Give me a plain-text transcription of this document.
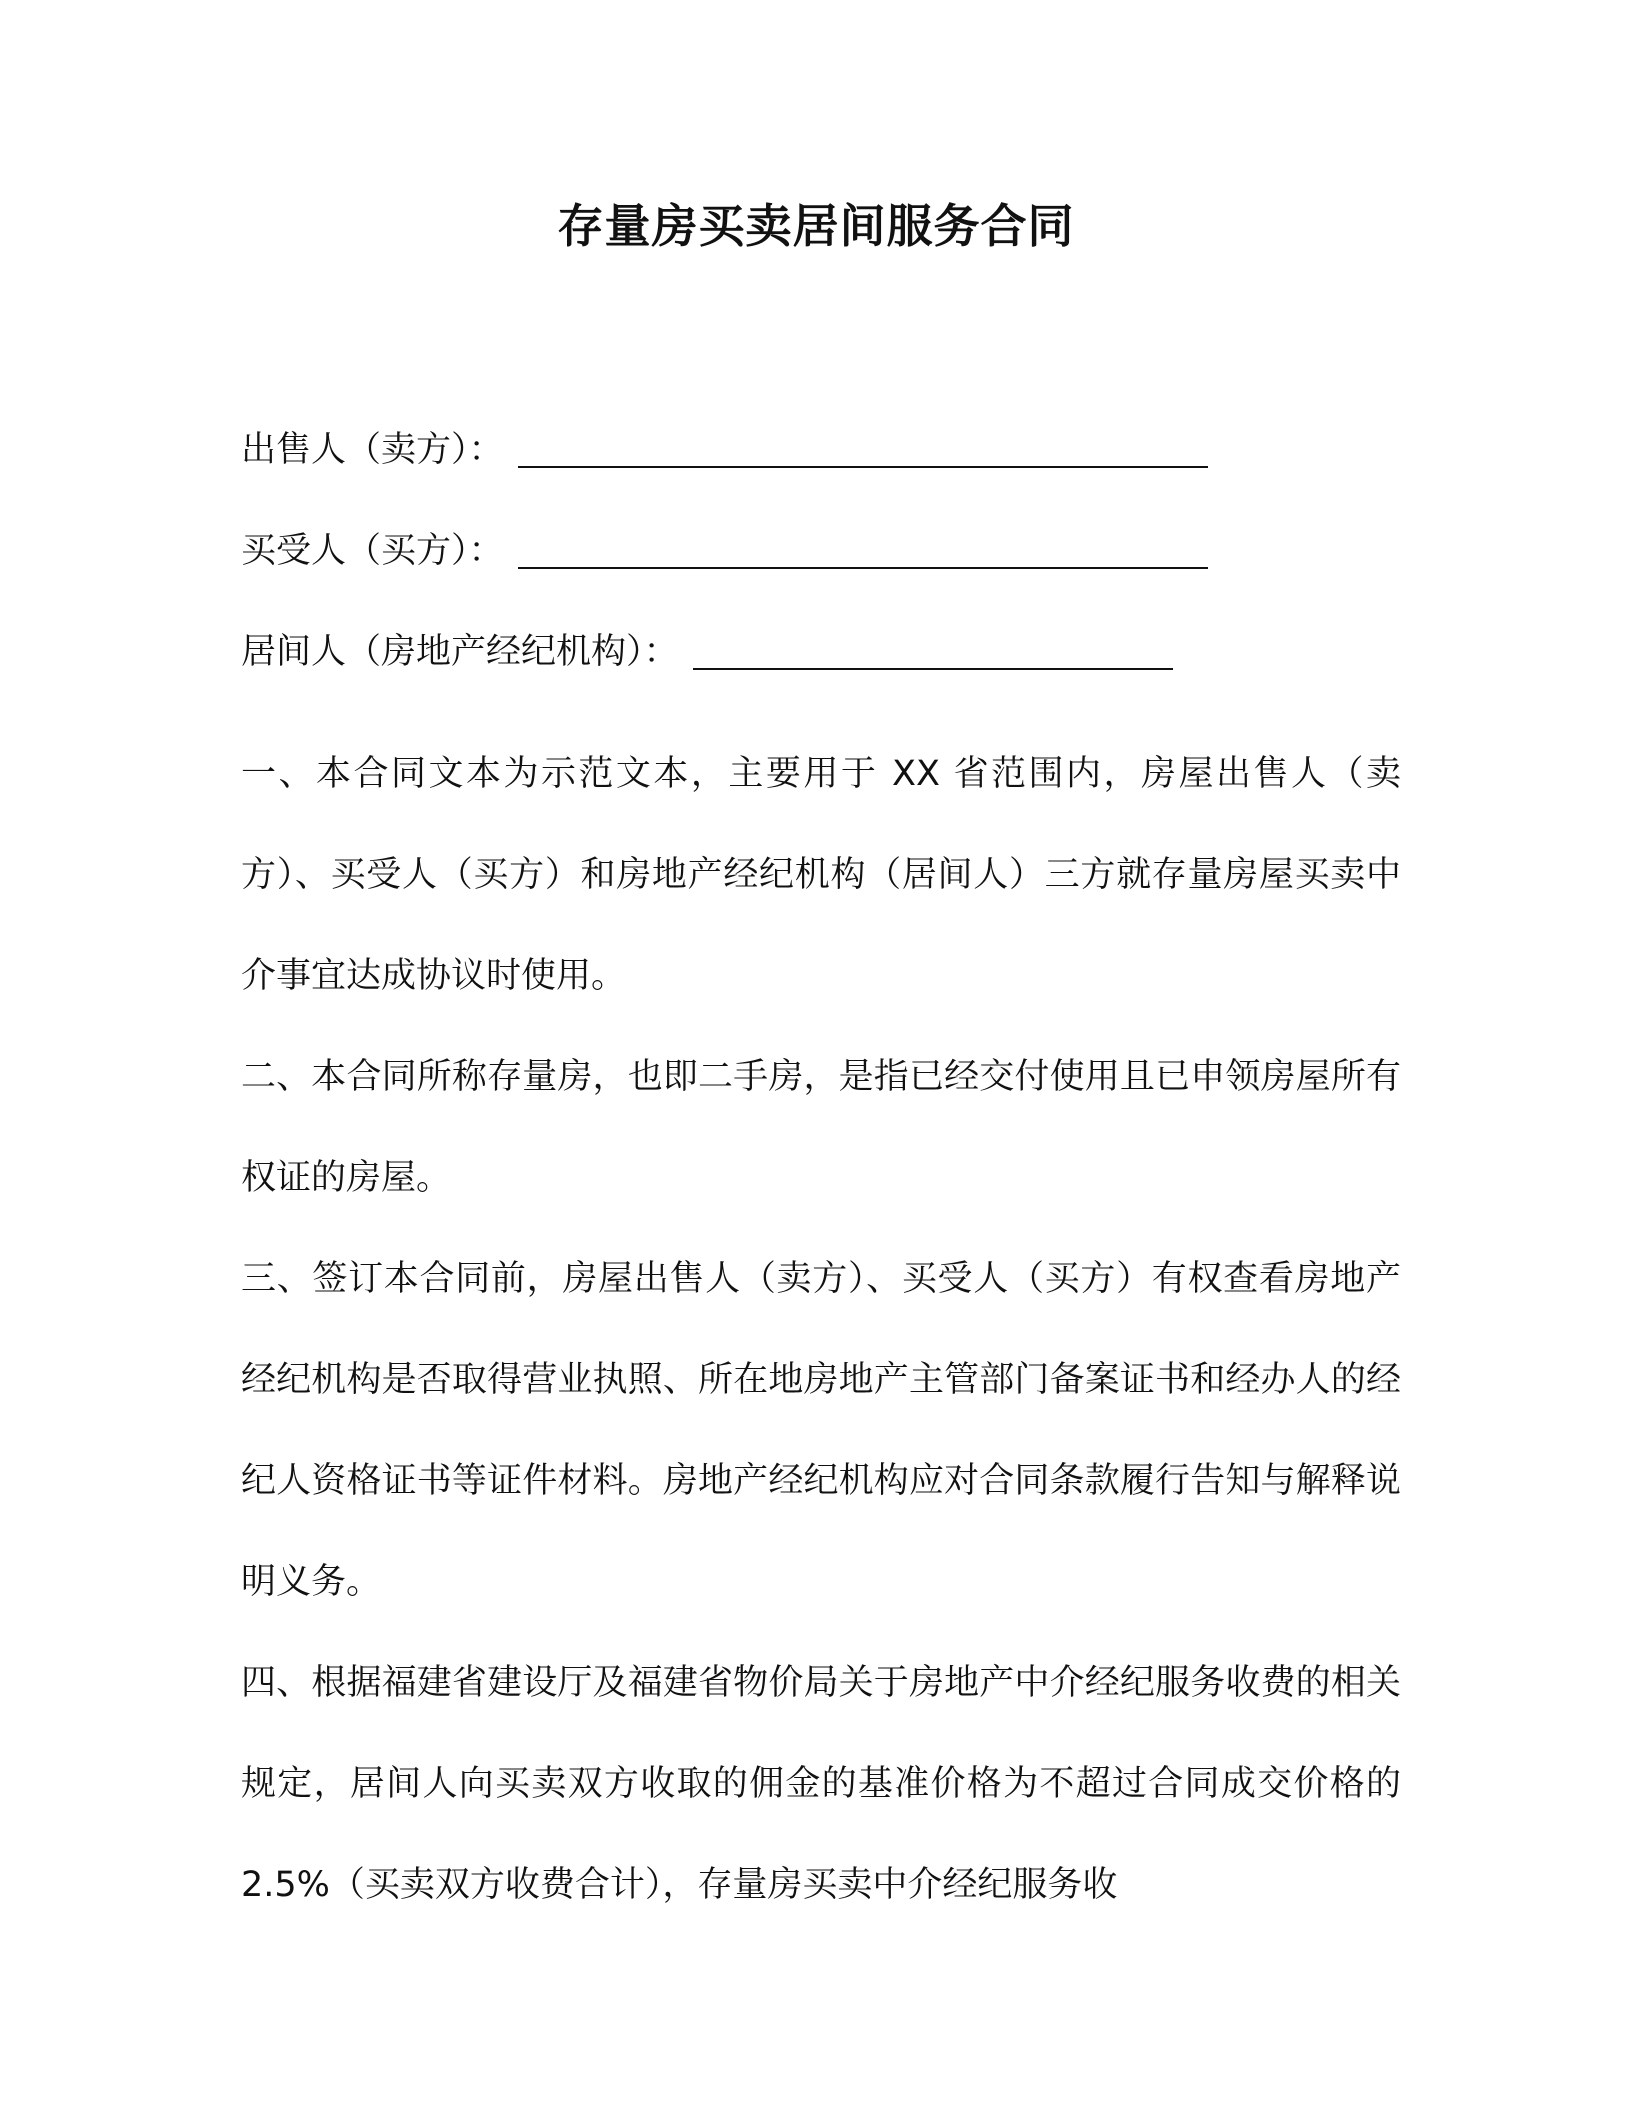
存量房买卖居间服务合同
出售人（卖方）：
买受人（买方）：
居间人（房地产经纪机构）：

一、本合同文本为示范文本，主要用于 XX 省范围内，房屋出售人（卖方）、买受人（买方）和房地产经纪机构（居间人）三方就存量房屋买卖中介事宜达成协议时使用。

二、本合同所称存量房，也即二手房，是指已经交付使用且已申领房屋所有权证的房屋。

三、签订本合同前，房屋出售人（卖方）、买受人（买方）有权查看房地产经纪机构是否取得营业执照、所在地房地产主管部门备案证书和经办人的经纪人资格证书等证件材料。房地产经纪机构应对合同条款履行告知与解释说明义务。

四、根据福建省建设厅及福建省物价局关于房地产中介经纪服务收费的相关规定，居间人向买卖双方收取的佣金的基准价格为不超过合同成交价格的 2.5%（买卖双方收费合计），存量房买卖中介经纪服务收
